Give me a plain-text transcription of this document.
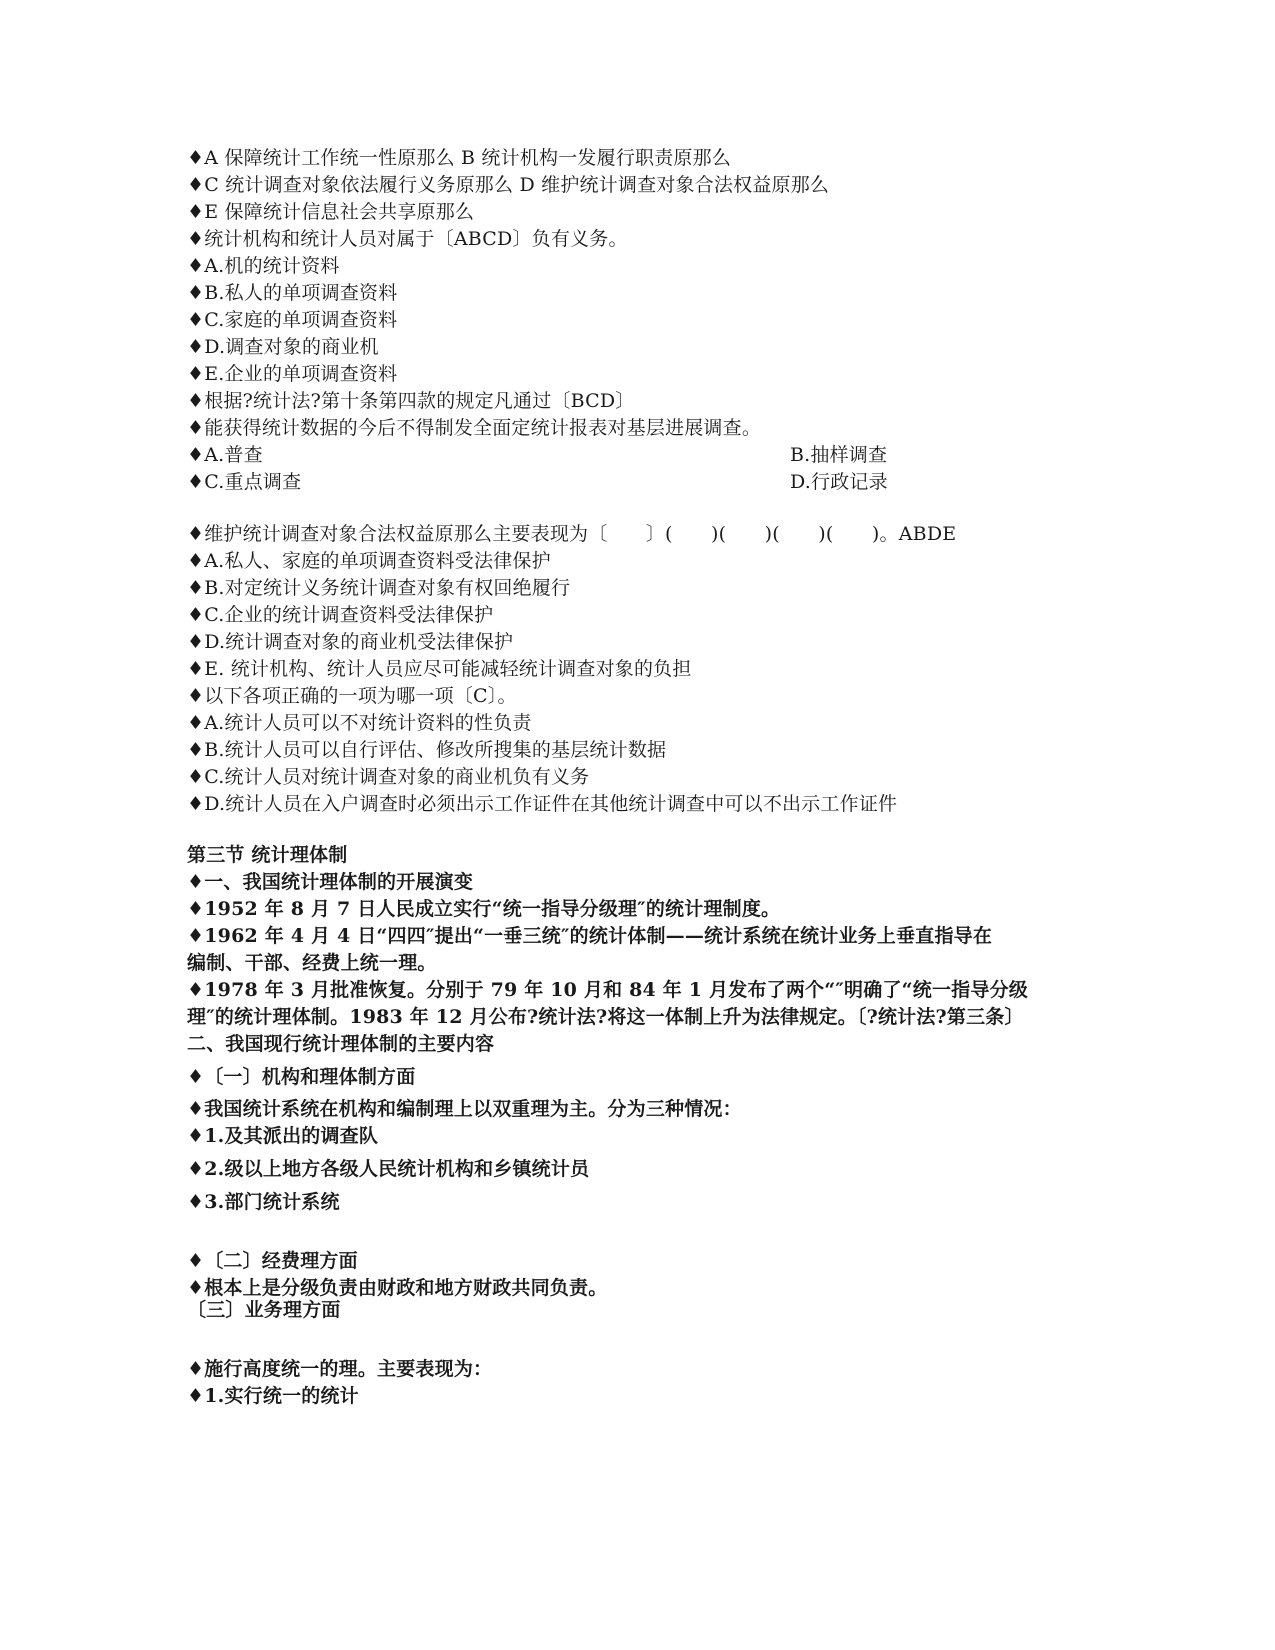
♦A 保障统计工作统一性原那么 B 统计机构一发履行职责原那么
♦C 统计调查对象依法履行义务原那么 D 维护统计调查对象合法权益原那么
♦E 保障统计信息社会共享原那么
♦统计机构和统计人员对属于〔ABCD〕负有义务。
♦A.机的统计资料
♦B.私人的单项调查资料
♦C.家庭的单项调查资料
♦D.调查对象的商业机
♦E.企业的单项调查资料
♦根据?统计法?第十条第四款的规定凡通过〔BCD〕
♦能获得统计数据的今后不得制发全面定统计报表对基层进展调查。
♦A.普查	B.抽样调查
♦C.重点调查	D.行政记录
♦维护统计调查对象合法权益原那么主要表现为〔　　〕(　　)(　　)(　　)(　　)。ABDE
♦A.私人、家庭的单项调查资料受法律保护
♦B.对定统计义务统计调查对象有权回绝履行
♦C.企业的统计调查资料受法律保护
♦D.统计调查对象的商业机受法律保护
♦E. 统计机构、统计人员应尽可能减轻统计调查对象的负担
♦以下各项正确的一项为哪一项〔C〕。
♦A.统计人员可以不对统计资料的性负责
♦B.统计人员可以自行评估、修改所搜集的基层统计数据
♦C.统计人员对统计调查对象的商业机负有义务
♦D.统计人员在入户调查时必须出示工作证件在其他统计调查中可以不出示工作证件
第三节 统计理体制
♦一、我国统计理体制的开展演变
♦1952 年 8 月 7 日人民成立实行“统一指导分级理″的统计理制度。
♦1962 年 4 月 4 日“四四″提出“一垂三统″的统计体制——统计系统在统计业务上垂直指导在
编制、干部、经费上统一理。
♦1978 年 3 月批准恢复。分别于 79 年 10 月和 84 年 1 月发布了两个“″明确了“统一指导分级
理″的统计理体制。1983 年 12 月公布?统计法?将这一体制上升为法律规定。〔?统计法?第三条〕
二、我国现行统计理体制的主要内容
♦〔一〕机构和理体制方面
♦我国统计系统在机构和编制理上以双重理为主。分为三种情况：
♦1.及其派出的调查队
♦2.级以上地方各级人民统计机构和乡镇统计员
♦3.部门统计系统
♦〔二〕经费理方面
♦根本上是分级负责由财政和地方财政共同负责。
〔三〕业务理方面
♦施行高度统一的理。主要表现为：
♦1.实行统一的统计
